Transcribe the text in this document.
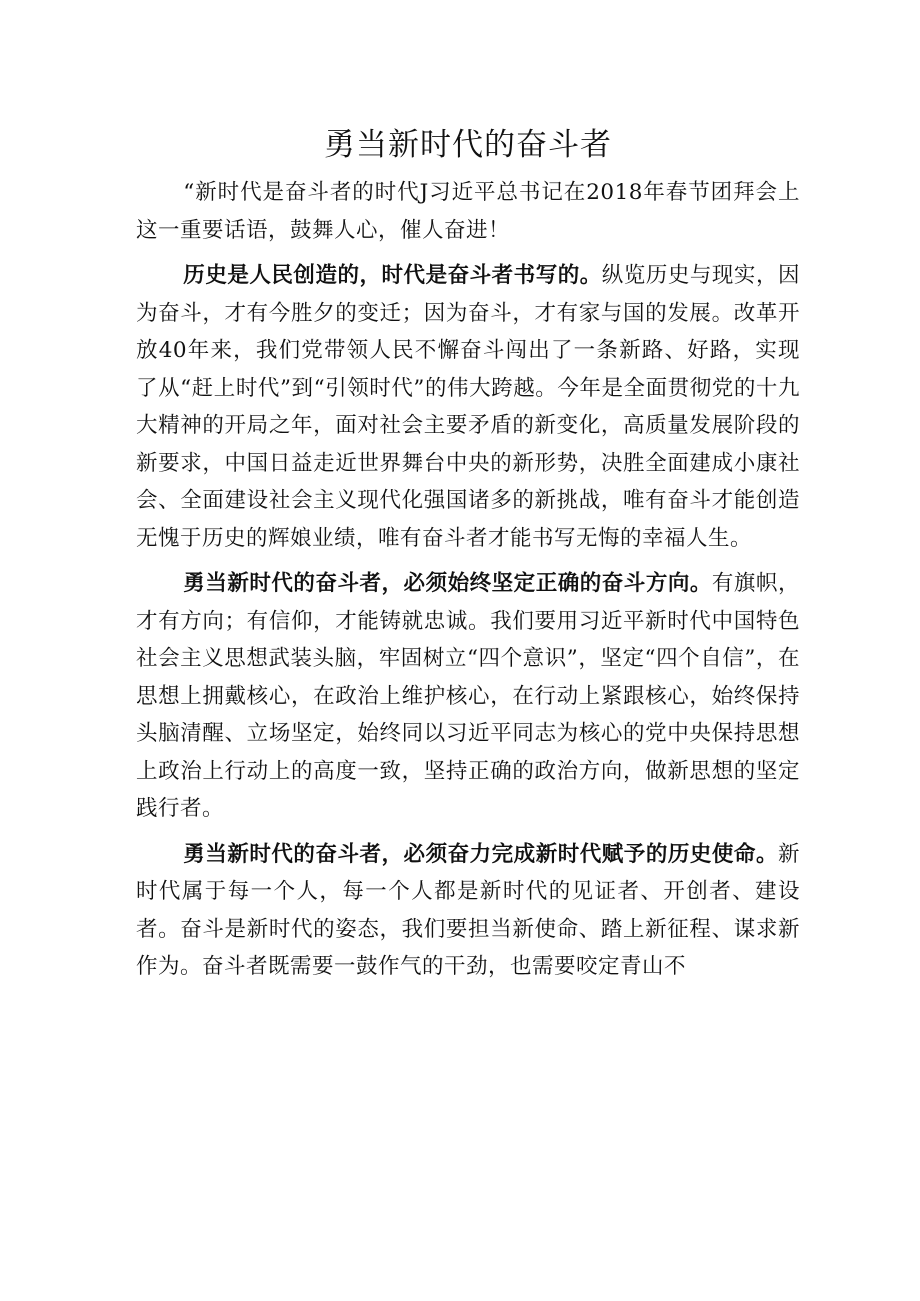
勇当新时代的奋斗者

“新时代是奋斗者的时代J习近平总书记在2018年春节团拜会上这一重要话语，鼓舞人心，催人奋进！

历史是人民创造的，时代是奋斗者书写的。纵览历史与现实，因为奋斗，才有今胜夕的变迁；因为奋斗，才有家与国的发展。改革开放40年来，我们党带领人民不懈奋斗闯出了一条新路、好路，实现了从“赶上时代”到“引领时代”的伟大跨越。今年是全面贯彻党的十九大精神的开局之年，面对社会主要矛盾的新变化，高质量发展阶段的新要求，中国日益走近世界舞台中央的新形势，决胜全面建成小康社会、全面建设社会主义现代化强国诸多的新挑战，唯有奋斗才能创造无愧于历史的辉娘业绩，唯有奋斗者才能书写无悔的幸福人生。

勇当新时代的奋斗者，必须始终坚定正确的奋斗方向。有旗帜，才有方向；有信仰，才能铸就忠诚。我们要用习近平新时代中国特色社会主义思想武装头脑，牢固树立“四个意识”，坚定“四个自信”，在思想上拥戴核心，在政治上维护核心，在行动上紧跟核心，始终保持头脑清醒、立场坚定，始终同以习近平同志为核心的党中央保持思想上政治上行动上的高度一致，坚持正确的政治方向，做新思想的坚定践行者。

勇当新时代的奋斗者，必须奋力完成新时代赋予的历史使命。新时代属于每一个人，每一个人都是新时代的见证者、开创者、建设者。奋斗是新时代的姿态，我们要担当新使命、踏上新征程、谋求新作为。奋斗者既需要一鼓作气的干劲，也需要咬定青山不
